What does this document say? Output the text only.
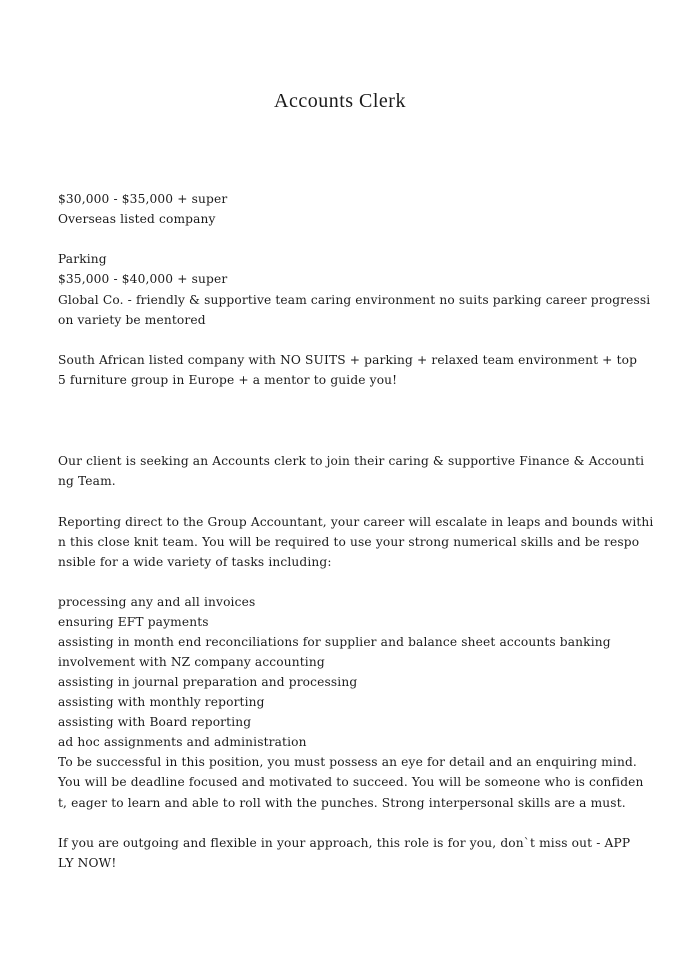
Accounts Clerk
$30,000 - $35,000 + super
Overseas listed company
Parking
$35,000 - $40,000 + super
Global Co. - friendly & supportive team caring environment no suits parking career progressi
on variety be mentored
South African listed company with NO SUITS + parking + relaxed team environment + top
5 furniture group in Europe + a mentor to guide you!
Our client is seeking an Accounts clerk to join their caring & supportive Finance & Accounti
ng Team.
Reporting direct to the Group Accountant, your career will escalate in leaps and bounds withi
n this close knit team. You will be required to use your strong numerical skills and be respo
nsible for a wide variety of tasks including:
processing any and all invoices
ensuring EFT payments
assisting in month end reconciliations for supplier and balance sheet accounts banking
involvement with NZ company accounting
assisting in journal preparation and processing
assisting with monthly reporting
assisting with Board reporting
ad hoc assignments and administration
To be successful in this position, you must possess an eye for detail and an enquiring mind.
You will be deadline focused and motivated to succeed. You will be someone who is confiden
t, eager to learn and able to roll with the punches. Strong interpersonal skills are a must.
If you are outgoing and flexible in your approach, this role is for you, don`t miss out - APP
LY NOW!
